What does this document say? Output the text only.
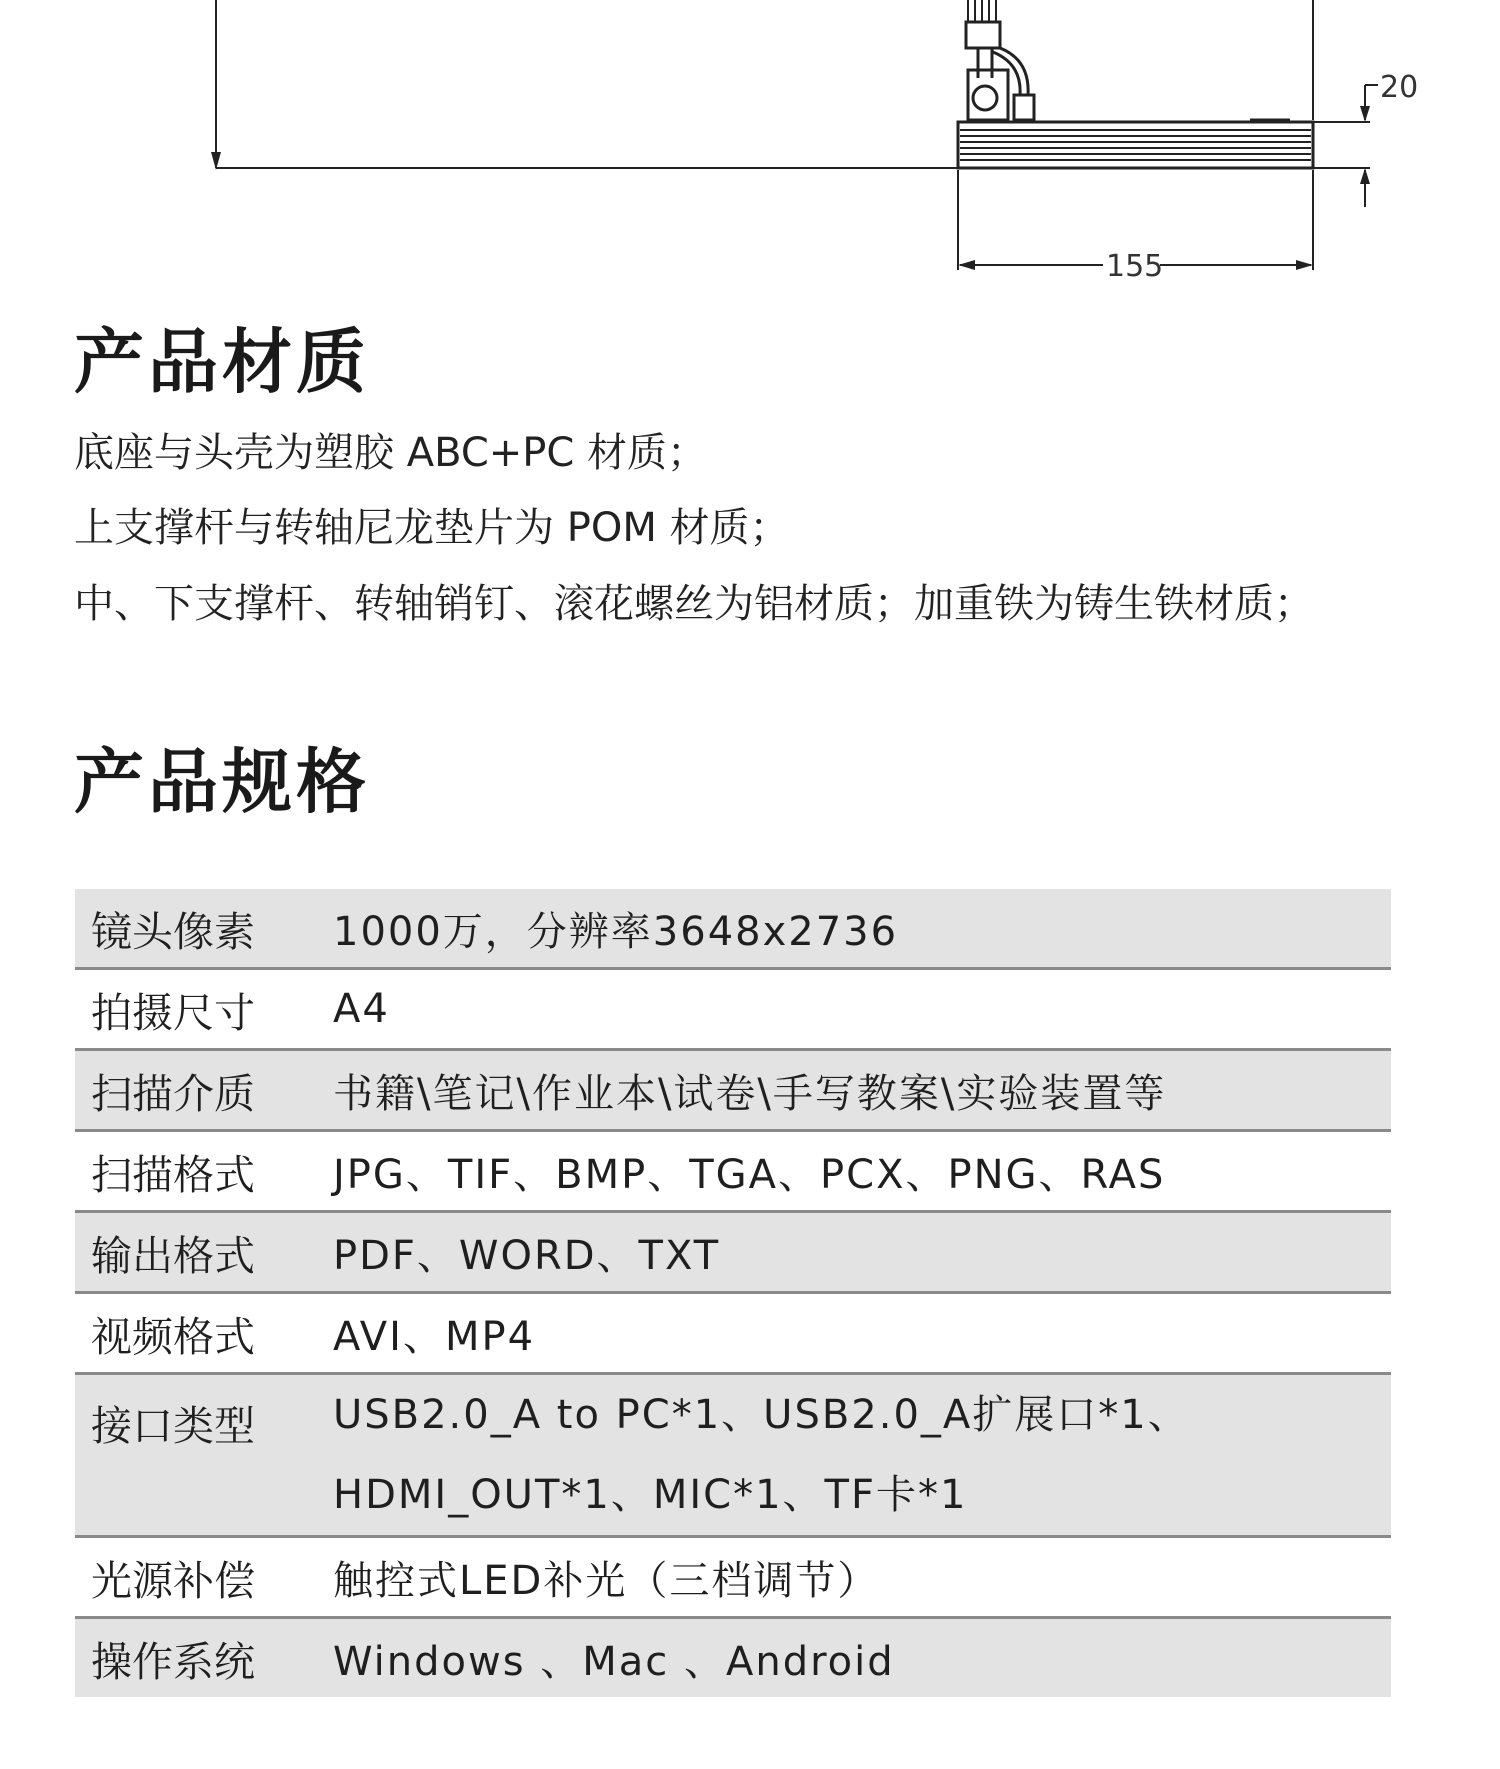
20
155
产品材质
底座与头壳为塑胶 ABC+PC 材质；
上支撑杆与转轴尼龙垫片为 POM 材质；
中、下支撑杆、转轴销钉、滚花螺丝为铝材质；加重铁为铸生铁材质；
产品规格
镜头像素	1000万，分辨率3648x2736
拍摄尺寸	A4
扫描介质	书籍\笔记\作业本\试卷\手写教案\实验装置等
扫描格式	JPG、TIF、BMP、TGA、PCX、PNG、RAS
输出格式	PDF、WORD、TXT
视频格式	AVI、MP4
接口类型	USB2.0_A to PC*1、USB2.0_A扩展口*1、
HDMI_OUT*1、MIC*1、TF卡*1

光源补偿	触控式LED补光（三档调节）
操作系统	Windows 、Mac 、Android
